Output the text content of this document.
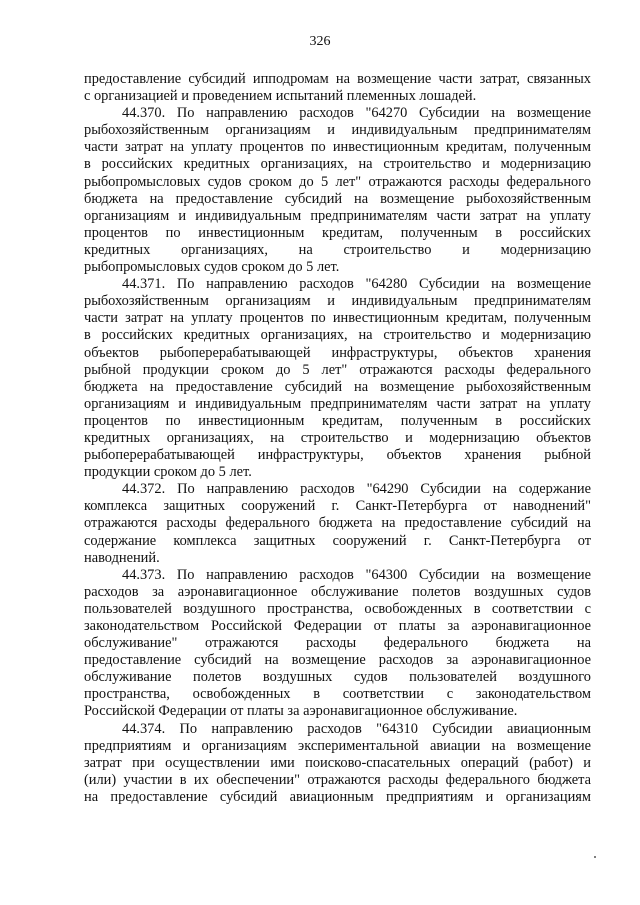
326
предоставление субсидий ипподромам на возмещение части затрат, связанных
с организацией и проведением испытаний племенных лошадей.
44.370. По направлению расходов "64270 Субсидии на возмещение
рыбохозяйственным организациям и индивидуальным предпринимателям
части затрат на уплату процентов по инвестиционным кредитам, полученным
в российских кредитных организациях, на строительство и модернизацию
рыбопромысловых судов сроком до 5 лет" отражаются расходы федерального
бюджета на предоставление субсидий на возмещение рыбохозяйственным
организациям и индивидуальным предпринимателям части затрат на уплату
процентов по инвестиционным кредитам, полученным в российских
кредитных организациях, на строительство и модернизацию
рыбопромысловых судов сроком до 5 лет.
44.371. По направлению расходов "64280 Субсидии на возмещение
рыбохозяйственным организациям и индивидуальным предпринимателям
части затрат на уплату процентов по инвестиционным кредитам, полученным
в российских кредитных организациях, на строительство и модернизацию
объектов рыбоперерабатывающей инфраструктуры, объектов хранения
рыбной продукции сроком до 5 лет" отражаются расходы федерального
бюджета на предоставление субсидий на возмещение рыбохозяйственным
организациям и индивидуальным предпринимателям части затрат на уплату
процентов по инвестиционным кредитам, полученным в российских
кредитных организациях, на строительство и модернизацию объектов
рыбоперерабатывающей инфраструктуры, объектов хранения рыбной
продукции сроком до 5 лет.
44.372. По направлению расходов "64290 Субсидии на содержание
комплекса защитных сооружений г. Санкт-Петербурга от наводнений"
отражаются расходы федерального бюджета на предоставление субсидий на
содержание комплекса защитных сооружений г. Санкт-Петербурга от
наводнений.
44.373. По направлению расходов "64300 Субсидии на возмещение
расходов за аэронавигационное обслуживание полетов воздушных судов
пользователей воздушного пространства, освобожденных в соответствии с
законодательством Российской Федерации от платы за аэронавигационное
обслуживание" отражаются расходы федерального бюджета на
предоставление субсидий на возмещение расходов за аэронавигационное
обслуживание полетов воздушных судов пользователей воздушного
пространства, освобожденных в соответствии с законодательством
Российской Федерации от платы за аэронавигационное обслуживание.
44.374. По направлению расходов "64310 Субсидии авиационным
предприятиям и организациям экспериментальной авиации на возмещение
затрат при осуществлении ими поисково-спасательных операций (работ) и
(или) участии в их обеспечении" отражаются расходы федерального бюджета
на предоставление субсидий авиационным предприятиям и организациям
